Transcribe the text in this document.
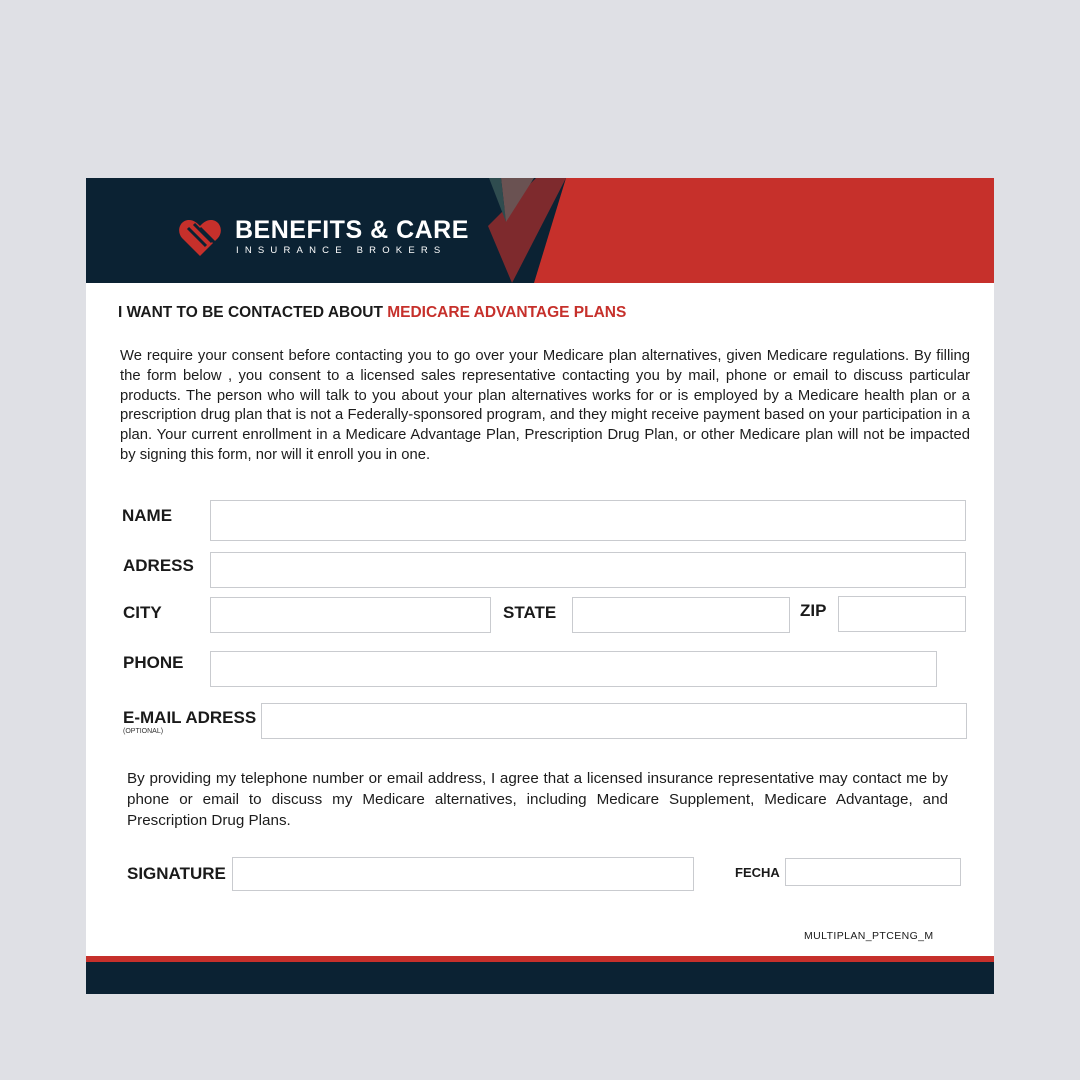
BENEFITS & CARE
INSURANCE BROKERS
I WANT TO BE CONTACTED ABOUT MEDICARE ADVANTAGE PLANS
We require your consent before contacting you to go over your Medicare plan alternatives, given Medicare regulations. By filling the form below , you consent to a licensed sales representative contacting you by mail, phone or email to discuss particular products. The person who will talk to you about your plan alternatives works for or is employed by a Medicare health plan or a prescription drug plan that is not a Federally-sponsored program, and they might receive payment based on your participation in a plan. Your current enrollment in a Medicare Advantage Plan, Prescription Drug Plan, or other Medicare plan will not be impacted by signing this form, nor will it enroll you in one.
NAME
ADRESS
CITY	STATE	ZIP
PHONE
E-MAIL ADRESS
(OPTIONAL)
By providing my telephone number or email address, I agree that a licensed insurance representative may contact me by phone or email to discuss my Medicare alternatives, including Medicare Supplement, Medicare Advantage, and Prescription Drug Plans.
SIGNATURE	FECHA
MULTIPLAN_PTCENG_M
